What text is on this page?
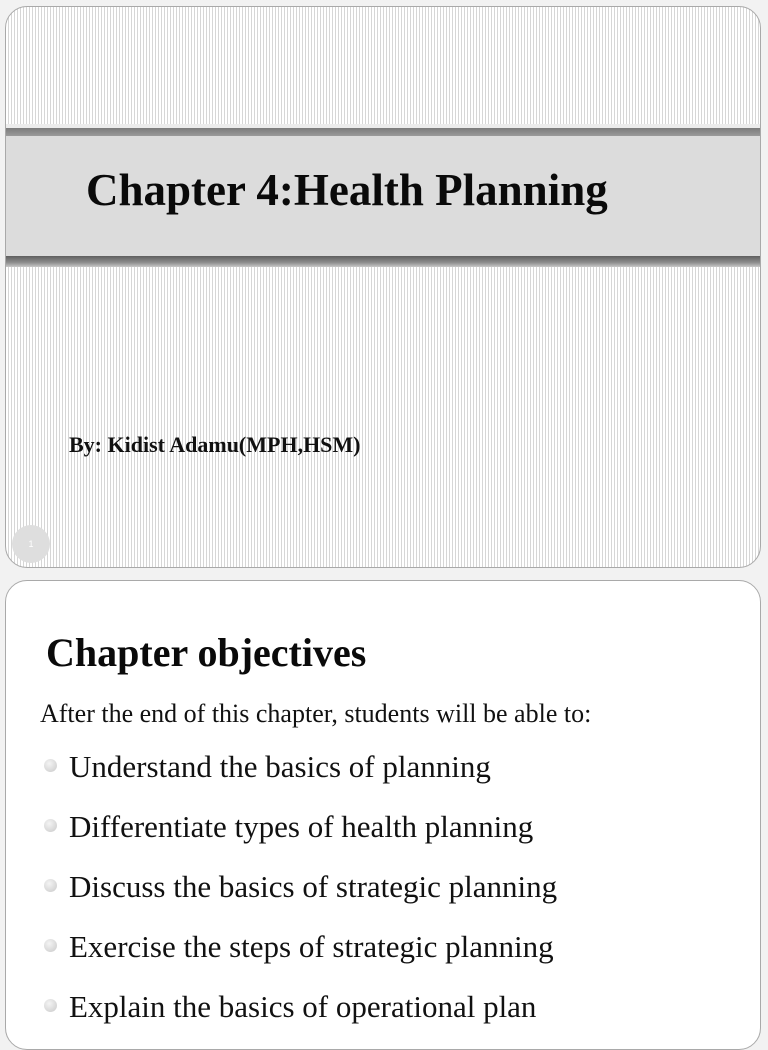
Chapter 4:Health Planning

By: Kidist Adamu(MPH,HSM)

1
Chapter objectives

After the end of this chapter, students will be able to:

Understand the basics of planning
Differentiate types of health planning
Discuss the basics of strategic planning
Exercise the steps of strategic planning
Explain the basics of operational plan
